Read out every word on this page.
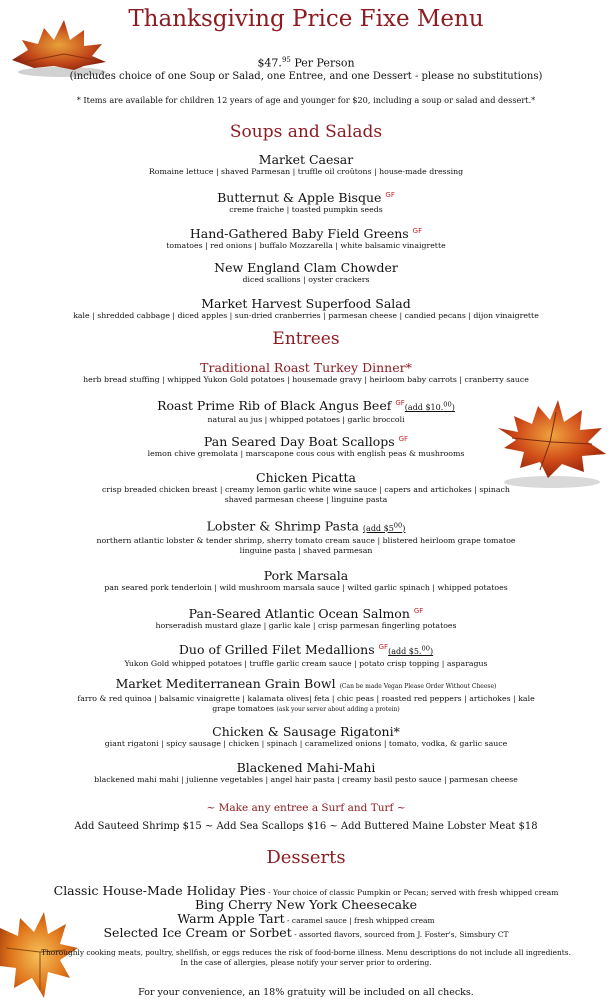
Thanksgiving Price Fixe Menu
$47.95 Per Person
(includes choice of one Soup or Salad, one Entree, and one Dessert - please no substitutions)
* Items are available for children 12 years of age and younger for $20, including a soup or salad and dessert.*
Soups and Salads
Market Caesar
Romaine lettuce | shaved Parmesan | truffle oil croûtons | house-made dressing
Butternut & Apple Bisque $^{GF}$
creme fraiche | toasted pumpkin seeds
Hand-Gathered Baby Field Greens $^{GF}$
tomatoes | red onions | buffalo Mozzarella | white balsamic vinaigrette
New England Clam Chowder
diced scallions | oyster crackers
Market Harvest Superfood Salad
kale | shredded cabbage | diced apples | sun-dried cranberries | parmesan cheese | candied pecans | dijon vinaigrette
Entrees
Traditional Roast Turkey Dinner*
herb bread stuffing | whipped Yukon Gold potatoes | housemade gravy | heirloom baby carrots | cranberry sauce
Roast Prime Rib of Black Angus Beef $^{GF}$(add $10.00)
natural au jus | whipped potatoes | garlic broccoli
Pan Seared Day Boat Scallops $^{GF}$
lemon chive gremolata | marscapone cous cous with english peas & mushrooms
Chicken Picatta
crisp breaded chicken breast | creamy lemon garlic white wine sauce | capers and artichokes | spinach
shaved parmesan cheese | linguine pasta
Lobster & Shrimp Pasta (add $\$5^{00}$)
northern atlantic lobster & tender shrimp, sherry tomato cream sauce | blistered heirloom grape tomatoe
linguine pasta | shaved parmesan
Pork Marsala
pan seared pork tenderloin | wild mushroom marsala sauce | wilted garlic spinach | whipped potatoes
Pan-Seared Atlantic Ocean Salmon $^{GF}$
horseradish mustard glaze | garlic kale | crisp parmesan fingerling potatoes
Duo of Grilled Filet Medallions $^{GF}$(add $5.00)
Yukon Gold whipped potatoes | truffle garlic cream sauce | potato crisp topping | asparagus
Market Mediterranean Grain Bowl (Can be made Vegan Please Order Without Cheese)
farro & red quinoa | balsamic vinaigrette | kalamata olives| feta | chic peas | roasted red peppers | artichokes | kale
grape tomatoes (ask your server about adding a protein)
Chicken & Sausage Rigatoni*
giant rigatoni | spicy sausage | chicken | spinach | caramelized onions | tomato, vodka, & garlic sauce
Blackened Mahi-Mahi
blackened mahi mahi | julienne vegetables | angel hair pasta | creamy basil pesto sauce | parmesan cheese
~ Make any entree a Surf and Turf ~
Add Sauteed Shrimp $15 ~ Add Sea Scallops $16 ~ Add Buttered Maine Lobster Meat $18
Desserts
Classic House-Made Holiday Pies - Your choice of classic Pumpkin or Pecan; served with fresh whipped cream
Bing Cherry New York Cheesecake
Warm Apple Tart - caramel sauce | fresh whipped cream
Selected Ice Cream or Sorbet - assorted flavors, sourced from J. Foster's, Simsbury CT
Thoroughly cooking meats, poultry, shellfish, or eggs reduces the risk of food-borne illness. Menu descriptions do not include all ingredients.
In the case of allergies, please notify your server prior to ordering.
For your convenience, an 18% gratuity will be included on all checks.
